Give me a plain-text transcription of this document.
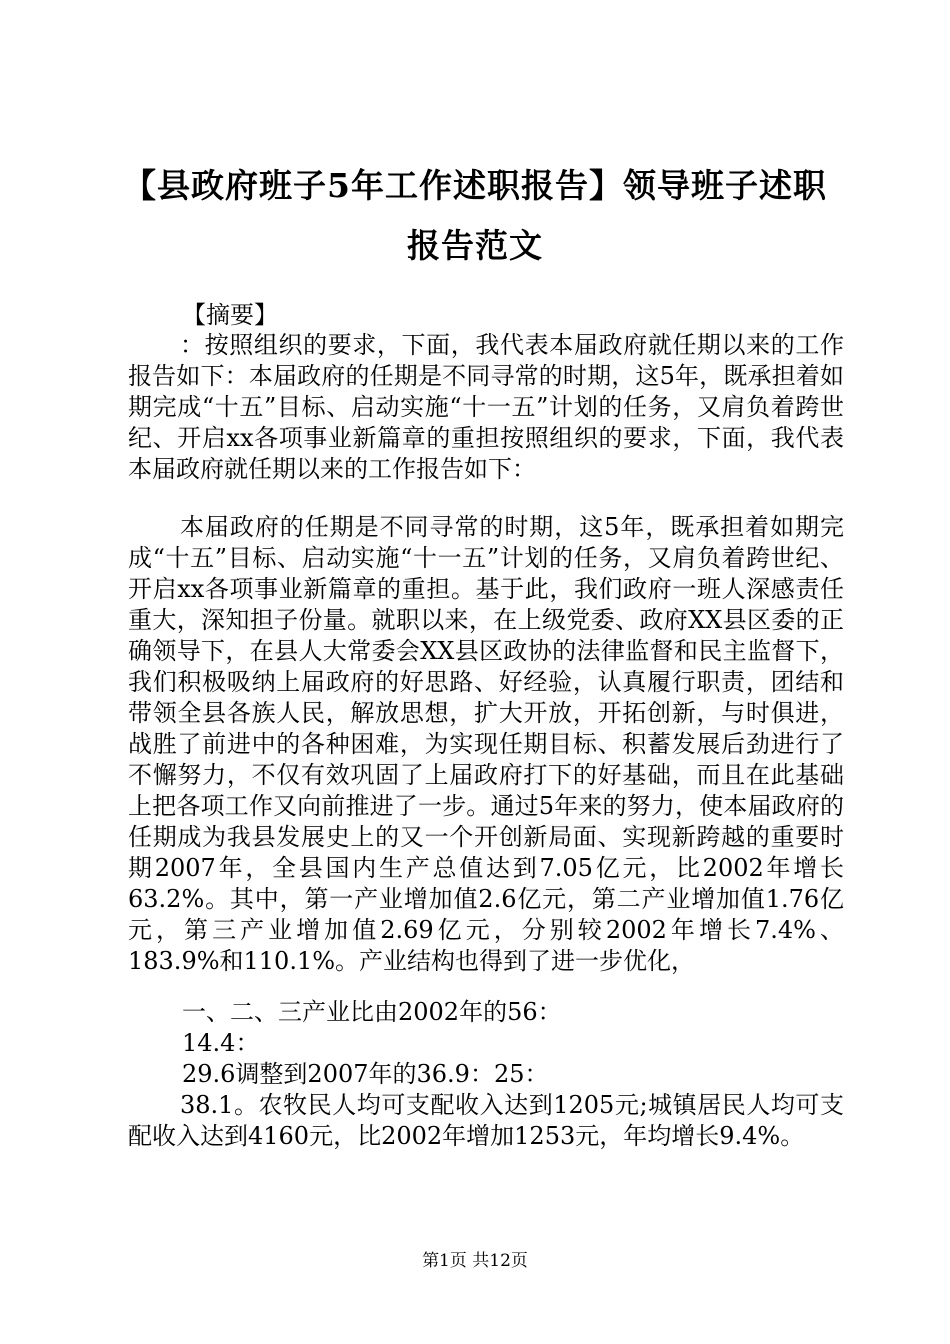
【县政府班子5年工作述职报告】领导班子述职报告范文

【摘要】

：按照组织的要求，下面，我代表本届政府就任期以来的工作报告如下：本届政府的任期是不同寻常的时期，这5年，既承担着如期完成“十五”目标、启动实施“十一五”计划的任务，又肩负着跨世纪、开启xx各项事业新篇章的重担按照组织的要求，下面，我代表本届政府就任期以来的工作报告如下：

本届政府的任期是不同寻常的时期，这5年，既承担着如期完成“十五”目标、启动实施“十一五”计划的任务，又肩负着跨世纪、开启xx各项事业新篇章的重担。基于此，我们政府一班人深感责任重大，深知担子份量。就职以来，在上级党委、政府XX县区委的正确领导下，在县人大常委会XX县区政协的法律监督和民主监督下，我们积极吸纳上届政府的好思路、好经验，认真履行职责，团结和带领全县各族人民，解放思想，扩大开放，开拓创新，与时俱进，战胜了前进中的各种困难，为实现任期目标、积蓄发展后劲进行了不懈努力，不仅有效巩固了上届政府打下的好基础，而且在此基础上把各项工作又向前推进了一步。通过5年来的努力，使本届政府的任期成为我县发展史上的又一个开创新局面、实现新跨越的重要时期2007年，全县国内生产总值达到7.05亿元，比2002年增长63.2%。其中，第一产业增加值2.6亿元，第二产业增加值1.76亿元，第三产业增加值2.69亿元，分别较2002年增长7.4%、183.9%和110.1%。产业结构也得到了进一步优化，

一、二、三产业比由2002年的56：

14.4：

29.6调整到2007年的36.9：25：

38.1。农牧民人均可支配收入达到1205元;城镇居民人均可支配收入达到4160元，比2002年增加1253元，年均增长9.4%。

第1页 共12页
